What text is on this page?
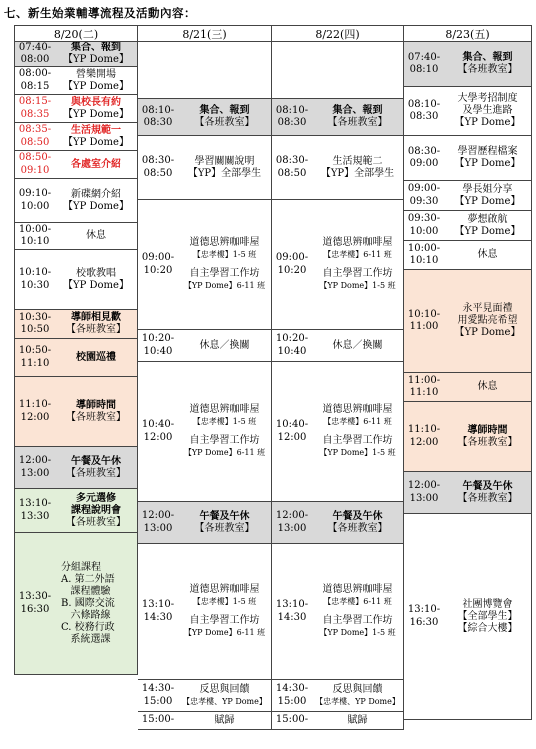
七、新生始業輔導流程及活動內容：
8/20(二)
07:40-
08:00
集合、報到
【YP Dome】
08:00-
08:15
營樂開場
【YP Dome】
08:15-
08:35
與校長有約
【YP Dome】
08:35-
08:50
生活規範一
【YP Dome】
08:50-
09:10
各處室介紹
09:10-
10:00
新碟網介紹
【YP Dome】
10:00-
10:10
休息
10:10-
10:30
校歌教唱
【YP Dome】
10:30-
10:50
導師相見歡
【各班教室】
10:50-
11:10
校園巡禮
11:10-
12:00
導師時間
【各班教室】
12:00-
13:00
午餐及午休
【各班教室】
13:10-
13:30
多元選修
課程說明會
【各班教室】
13:30-
16:30
分組課程
A. 第二外語
課程體驗
B. 國際交流
六條路線
C. 校務行政
系統選課
8/21(三)
08:10-
08:30
集合、報到
【各班教室】
08:30-
08:50
學習關關說明
【YP】全部學生
09:00-
10:20
道德思辨咖啡屋
【忠孝樓】1-5 班
自主學習工作坊
【YP Dome】6-11 班
10:20-
10:40
休息／換關
10:40-
12:00
道德思辨咖啡屋
【忠孝樓】1-5 班
自主學習工作坊
【YP Dome】6-11 班
12:00-
13:00
午餐及午休
【各班教室】
13:10-
14:30
道德思辨咖啡屋
【忠孝樓】1-5 班
自主學習工作坊
【YP Dome】6-11 班
14:30-
15:00
反思與回饋
【忠孝樓、YP Dome】
15:00-	賦歸
8/22(四)
08:10-
08:30
集合、報到
【各班教室】
08:30-
08:50
生活規範二
【YP】全部學生
09:00-
10:20
道德思辨咖啡屋
【忠孝樓】6-11 班
自主學習工作坊
【YP Dome】1-5 班
10:20-
10:40
休息／換關
10:40-
12:00
道德思辨咖啡屋
【忠孝樓】6-11 班
自主學習工作坊
【YP Dome】1-5 班
12:00-
13:00
午餐及午休
【各班教室】
13:10-
14:30
道德思辨咖啡屋
【忠孝樓】6-11 班
自主學習工作坊
【YP Dome】1-5 班
14:30-
15:00
反思與回饋
【忠孝樓、YP Dome】
15:00-	賦歸
8/23(五)
07:40-
08:10
集合、報到
【各班教室】
08:10-
08:30
大學考招制度
及學生進路
【YP Dome】
08:30-
09:00
學習歷程檔案
【YP Dome】
09:00-
09:30
學長姐分享
【YP Dome】
09:30-
10:00
夢想啟航
【YP Dome】
10:00-
10:10
休息
10:10-
11:00
永平見面禮
用愛點亮希望
【YP Dome】
11:00-
11:10
休息
11:10-
12:00
導師時間
【各班教室】
12:00-
13:00
午餐及午休
【各班教室】
13:10-
16:30
社團博覽會
【全部學生】
【綜合大樓】
